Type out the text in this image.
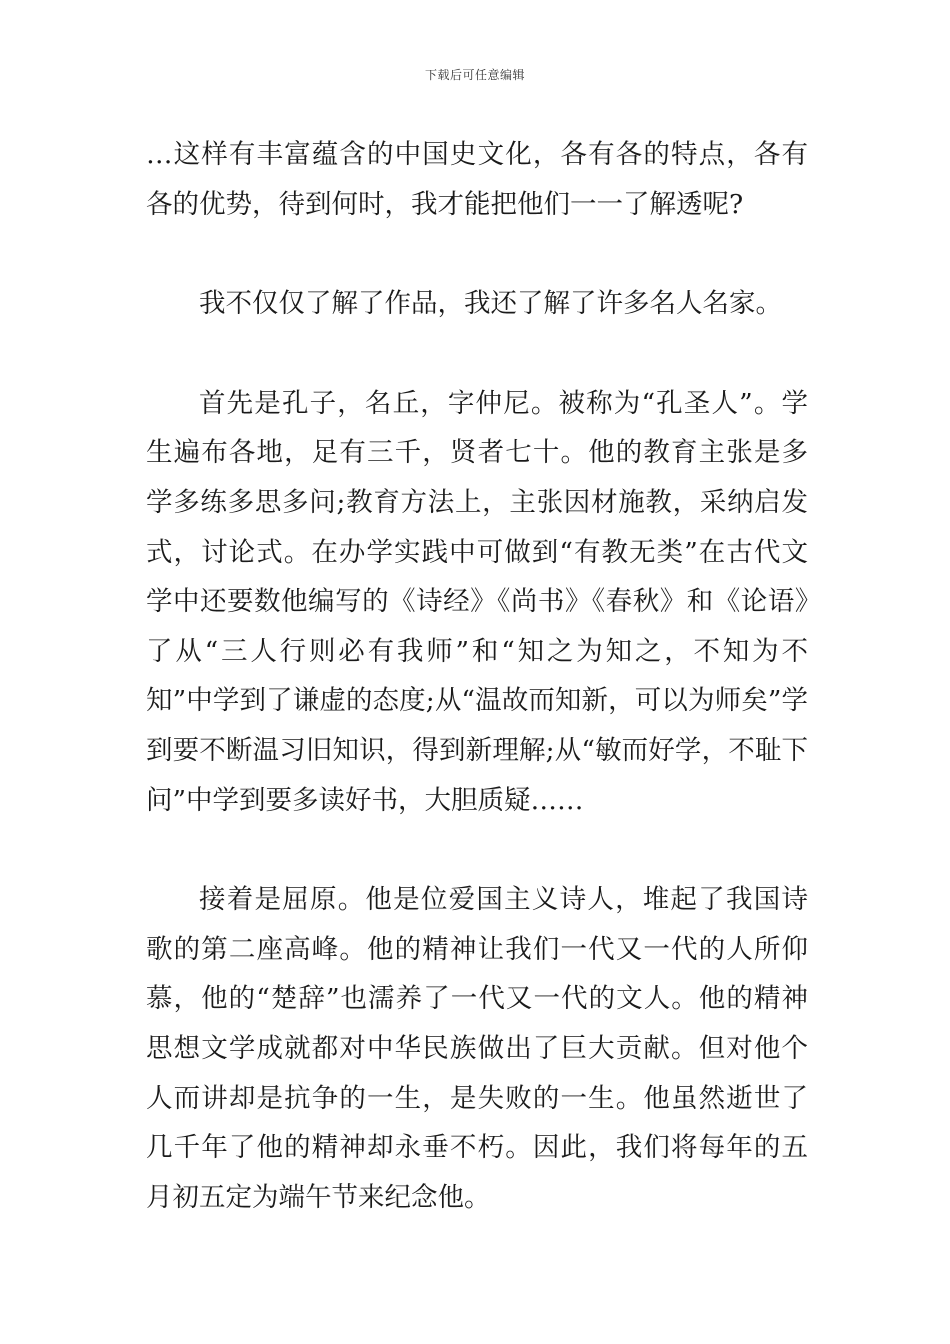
下载后可任意编辑

…这样有丰富蕴含的中国史文化，各有各的特点，各有各的优势，待到何时，我才能把他们一一了解透呢?

我不仅仅了解了作品，我还了解了许多名人名家。

首先是孔子，名丘，字仲尼。被称为“孔圣人”。学生遍布各地，足有三千，贤者七十。他的教育主张是多学多练多思多问;教育方法上，主张因材施教，采纳启发式，讨论式。在办学实践中可做到“有教无类”在古代文学中还要数他编写的《诗经》《尚书》《春秋》和《论语》了从“三人行则必有我师”和“知之为知之，不知为不知”中学到了谦虚的态度;从“温故而知新，可以为师矣”学到要不断温习旧知识，得到新理解;从“敏而好学，不耻下问”中学到要多读好书，大胆质疑……

接着是屈原。他是位爱国主义诗人，堆起了我国诗歌的第二座高峰。他的精神让我们一代又一代的人所仰慕，他的“楚辞”也濡养了一代又一代的文人。他的精神思想文学成就都对中华民族做出了巨大贡献。但对他个人而讲却是抗争的一生，是失败的一生。他虽然逝世了几千年了他的精神却永垂不朽。因此，我们将每年的五月初五定为端午节来纪念他。
